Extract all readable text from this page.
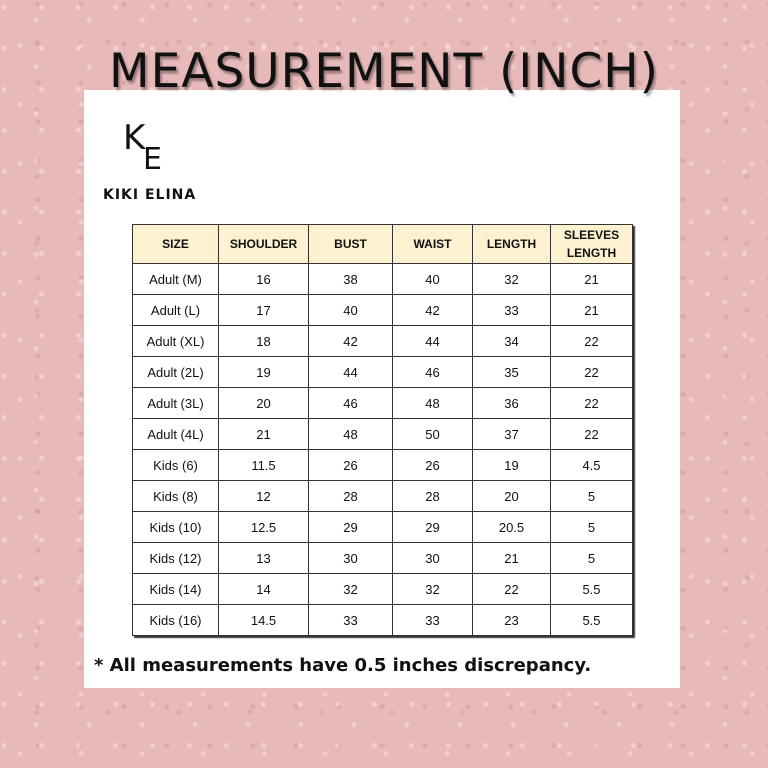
MEASUREMENT (INCH)
K
E
KIKI ELINA
SIZE	SHOULDER	BUST	WAIST	LENGTH	SLEEVES LENGTH
Adult (M)	16	38	40	32	21
Adult (L)	17	40	42	33	21
Adult (XL)	18	42	44	34	22
Adult (2L)	19	44	46	35	22
Adult (3L)	20	46	48	36	22
Adult (4L)	21	48	50	37	22
Kids (6)	11.5	26	26	19	4.5
Kids (8)	12	28	28	20	5
Kids (10)	12.5	29	29	20.5	5
Kids (12)	13	30	30	21	5
Kids (14)	14	32	32	22	5.5
Kids (16)	14.5	33	33	23	5.5
* All measurements have 0.5 inches discrepancy.
